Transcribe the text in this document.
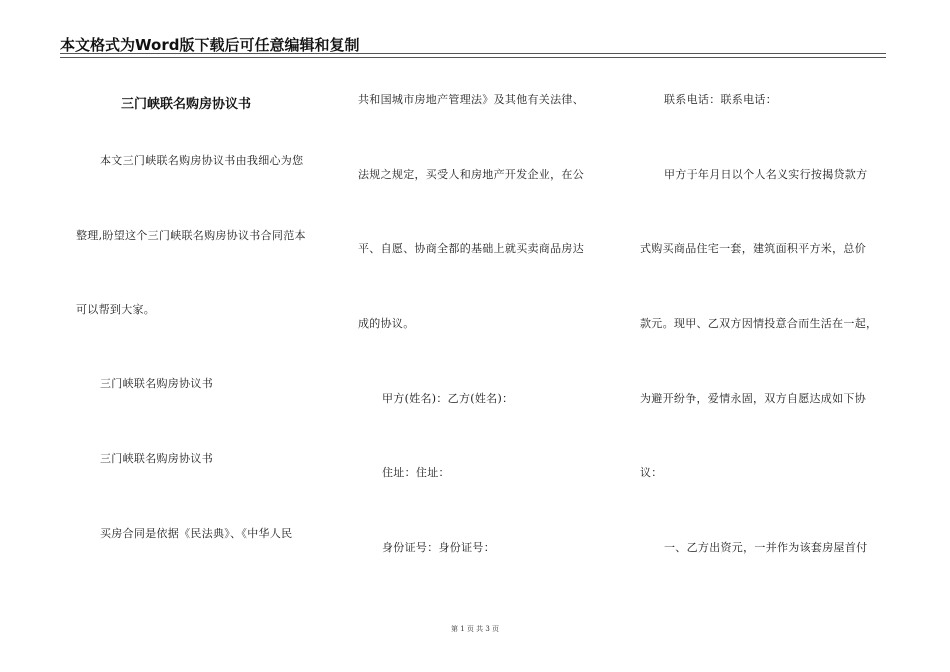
本文格式为Word版下载后可任意编辑和复制
三门峡联名购房协议书
本文三门峡联名购房协议书由我细心为您
整理,盼望这个三门峡联名购房协议书合同范本
可以帮到大家。
三门峡联名购房协议书
三门峡联名购房协议书
买房合同是依据《民法典》、《中华人民
共和国城市房地产管理法》及其他有关法律、
法规之规定，买受人和房地产开发企业，在公
平、自愿、协商全都的基础上就买卖商品房达
成的协议。
甲方(姓名)：乙方(姓名)：
住址：住址：
身份证号：身份证号：
联系电话：联系电话：
甲方于年月日以个人名义实行按揭贷款方
式购买商品住宅一套，建筑面积平方米，总价
款元。现甲、乙双方因情投意合而生活在一起，
为避开纷争，爱情永固，双方自愿达成如下协
议：
一、乙方出资元，一并作为该套房屋首付
第 1 页 共 3 页
